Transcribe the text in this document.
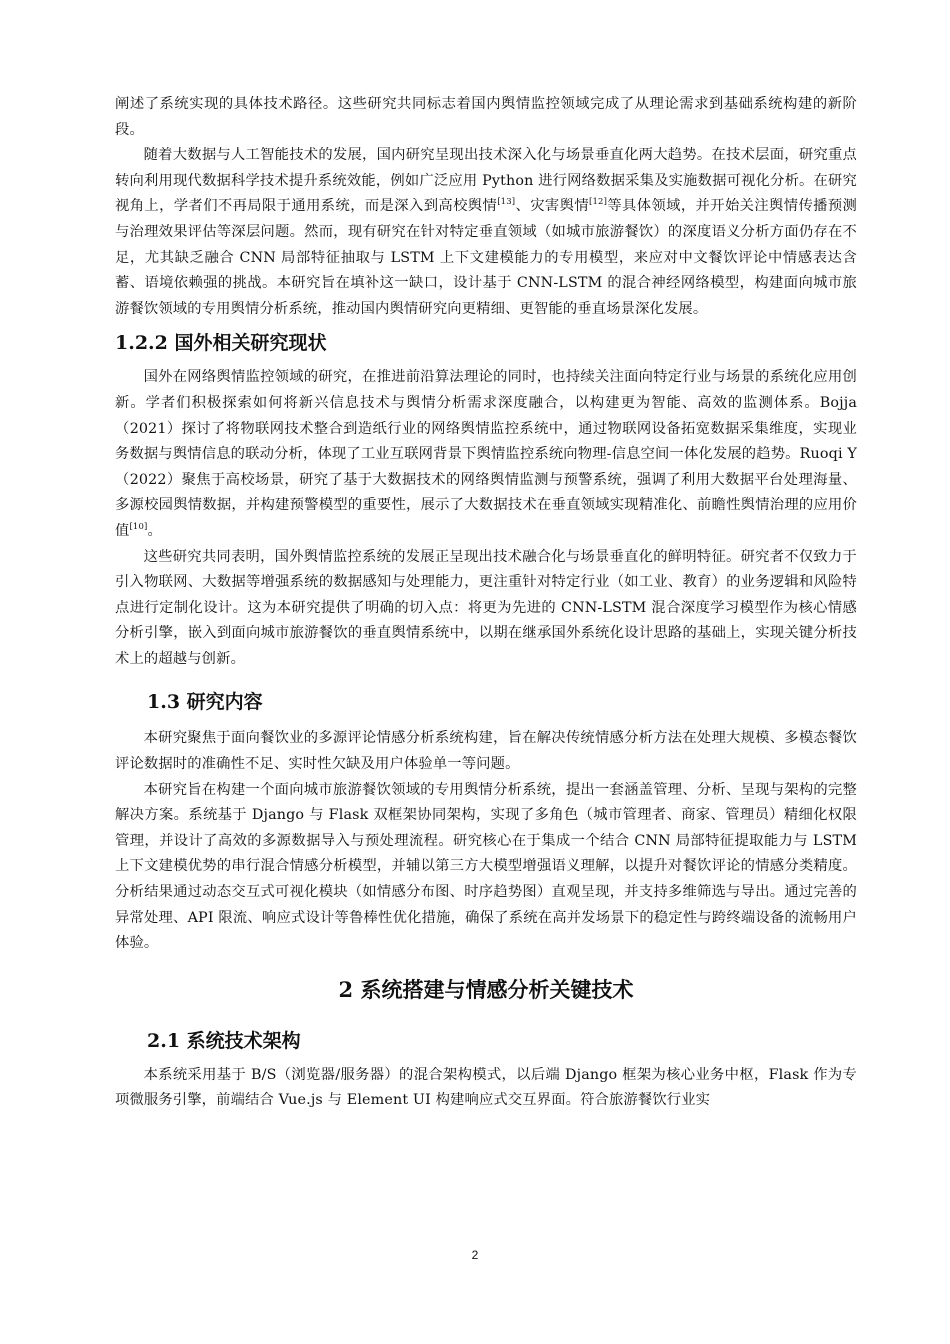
阐述了系统实现的具体技术路径。这些研究共同标志着国内舆情监控领域完成了从理论需求到基础系统构建的新阶段。

随着大数据与人工智能技术的发展，国内研究呈现出技术深入化与场景垂直化两大趋势。在技术层面，研究重点转向利用现代数据科学技术提升系统效能，例如广泛应用 Python 进行网络数据采集及实施数据可视化分析。在研究视角上，学者们不再局限于通用系统，而是深入到高校舆情[13]、灾害舆情[12]等具体领域，并开始关注舆情传播预测与治理效果评估等深层问题。然而，现有研究在针对特定垂直领域（如城市旅游餐饮）的深度语义分析方面仍存在不足，尤其缺乏融合 CNN 局部特征抽取与 LSTM 上下文建模能力的专用模型，来应对中文餐饮评论中情感表达含蓄、语境依赖强的挑战。本研究旨在填补这一缺口，设计基于 CNN-LSTM 的混合神经网络模型，构建面向城市旅游餐饮领域的专用舆情分析系统，推动国内舆情研究向更精细、更智能的垂直场景深化发展。

1.2.2 国外相关研究现状

国外在网络舆情监控领域的研究，在推进前沿算法理论的同时，也持续关注面向特定行业与场景的系统化应用创新。学者们积极探索如何将新兴信息技术与舆情分析需求深度融合，以构建更为智能、高效的监测体系。Bojja（2021）探讨了将物联网技术整合到造纸行业的网络舆情监控系统中，通过物联网设备拓宽数据采集维度，实现业务数据与舆情信息的联动分析，体现了工业互联网背景下舆情监控系统向物理-信息空间一体化发展的趋势。Ruoqi Y（2022）聚焦于高校场景，研究了基于大数据技术的网络舆情监测与预警系统，强调了利用大数据平台处理海量、多源校园舆情数据，并构建预警模型的重要性，展示了大数据技术在垂直领域实现精准化、前瞻性舆情治理的应用价值[10]。

这些研究共同表明，国外舆情监控系统的发展正呈现出技术融合化与场景垂直化的鲜明特征。研究者不仅致力于引入物联网、大数据等增强系统的数据感知与处理能力，更注重针对特定行业（如工业、教育）的业务逻辑和风险特点进行定制化设计。这为本研究提供了明确的切入点：将更为先进的 CNN-LSTM 混合深度学习模型作为核心情感分析引擎，嵌入到面向城市旅游餐饮的垂直舆情系统中，以期在继承国外系统化设计思路的基础上，实现关键分析技术上的超越与创新。

1.3 研究内容

本研究聚焦于面向餐饮业的多源评论情感分析系统构建，旨在解决传统情感分析方法在处理大规模、多模态餐饮评论数据时的准确性不足、实时性欠缺及用户体验单一等问题。

本研究旨在构建一个面向城市旅游餐饮领域的专用舆情分析系统，提出一套涵盖管理、分析、呈现与架构的完整解决方案。系统基于 Django 与 Flask 双框架协同架构，实现了多角色（城市管理者、商家、管理员）精细化权限管理，并设计了高效的多源数据导入与预处理流程。研究核心在于集成一个结合 CNN 局部特征提取能力与 LSTM 上下文建模优势的串行混合情感分析模型，并辅以第三方大模型增强语义理解，以提升对餐饮评论的情感分类精度。分析结果通过动态交互式可视化模块（如情感分布图、时序趋势图）直观呈现，并支持多维筛选与导出。通过完善的异常处理、API 限流、响应式设计等鲁棒性优化措施，确保了系统在高并发场景下的稳定性与跨终端设备的流畅用户体验。

2 系统搭建与情感分析关键技术
2.1 系统技术架构

本系统采用基于 B/S（浏览器/服务器）的混合架构模式，以后端 Django 框架为核心业务中枢，Flask 作为专项微服务引擎，前端结合 Vue.js 与 Element UI 构建响应式交互界面。符合旅游餐饮行业实

2
